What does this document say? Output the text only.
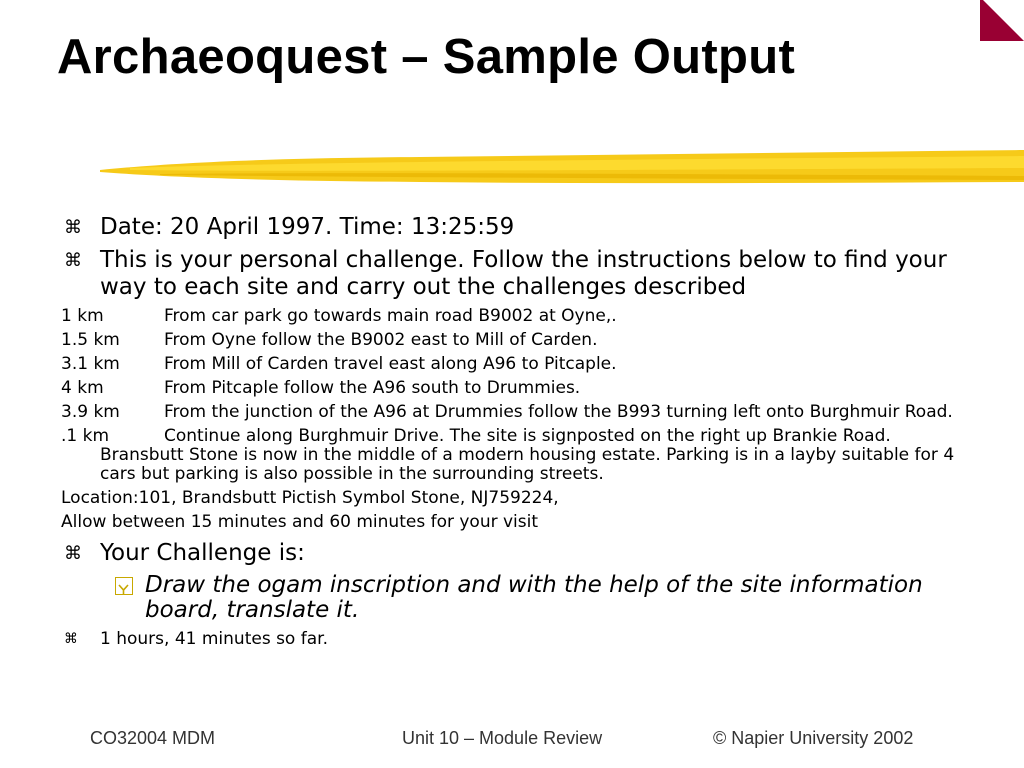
Archaeoquest – Sample Output
⌘ Date: 20 April 1997. Time: 13:25:59
⌘ This is your personal challenge. Follow the instructions below to find your way to each site and carry out the challenges described
1 km	From car park go towards main road B9002 at Oyne,.
1.5 km	From Oyne follow the B9002 east to Mill of Carden.
3.1 km	From Mill of Carden travel east along A96 to Pitcaple.
4 km	From Pitcaple follow the A96 south to Drummies.
3.9 km	From the junction of the A96 at Drummies follow the B993 turning left onto Burghmuir Road.
.1 km	Continue along Burghmuir Drive. The site is signposted on the right up Brankie Road. Bransbutt Stone is now in the middle of a modern housing estate. Parking is in a layby suitable for 4 cars but parking is also possible in the surrounding streets.
Location:101, Brandsbutt Pictish Symbol Stone, NJ759224,
Allow between 15 minutes and 60 minutes for your visit
⌘ Your Challenge is:
Draw the ogam inscription and with the help of the site information board, translate it.
⌘ 1 hours, 41 minutes so far.
CO32004 MDM	Unit 10 – Module Review	© Napier University 2002
